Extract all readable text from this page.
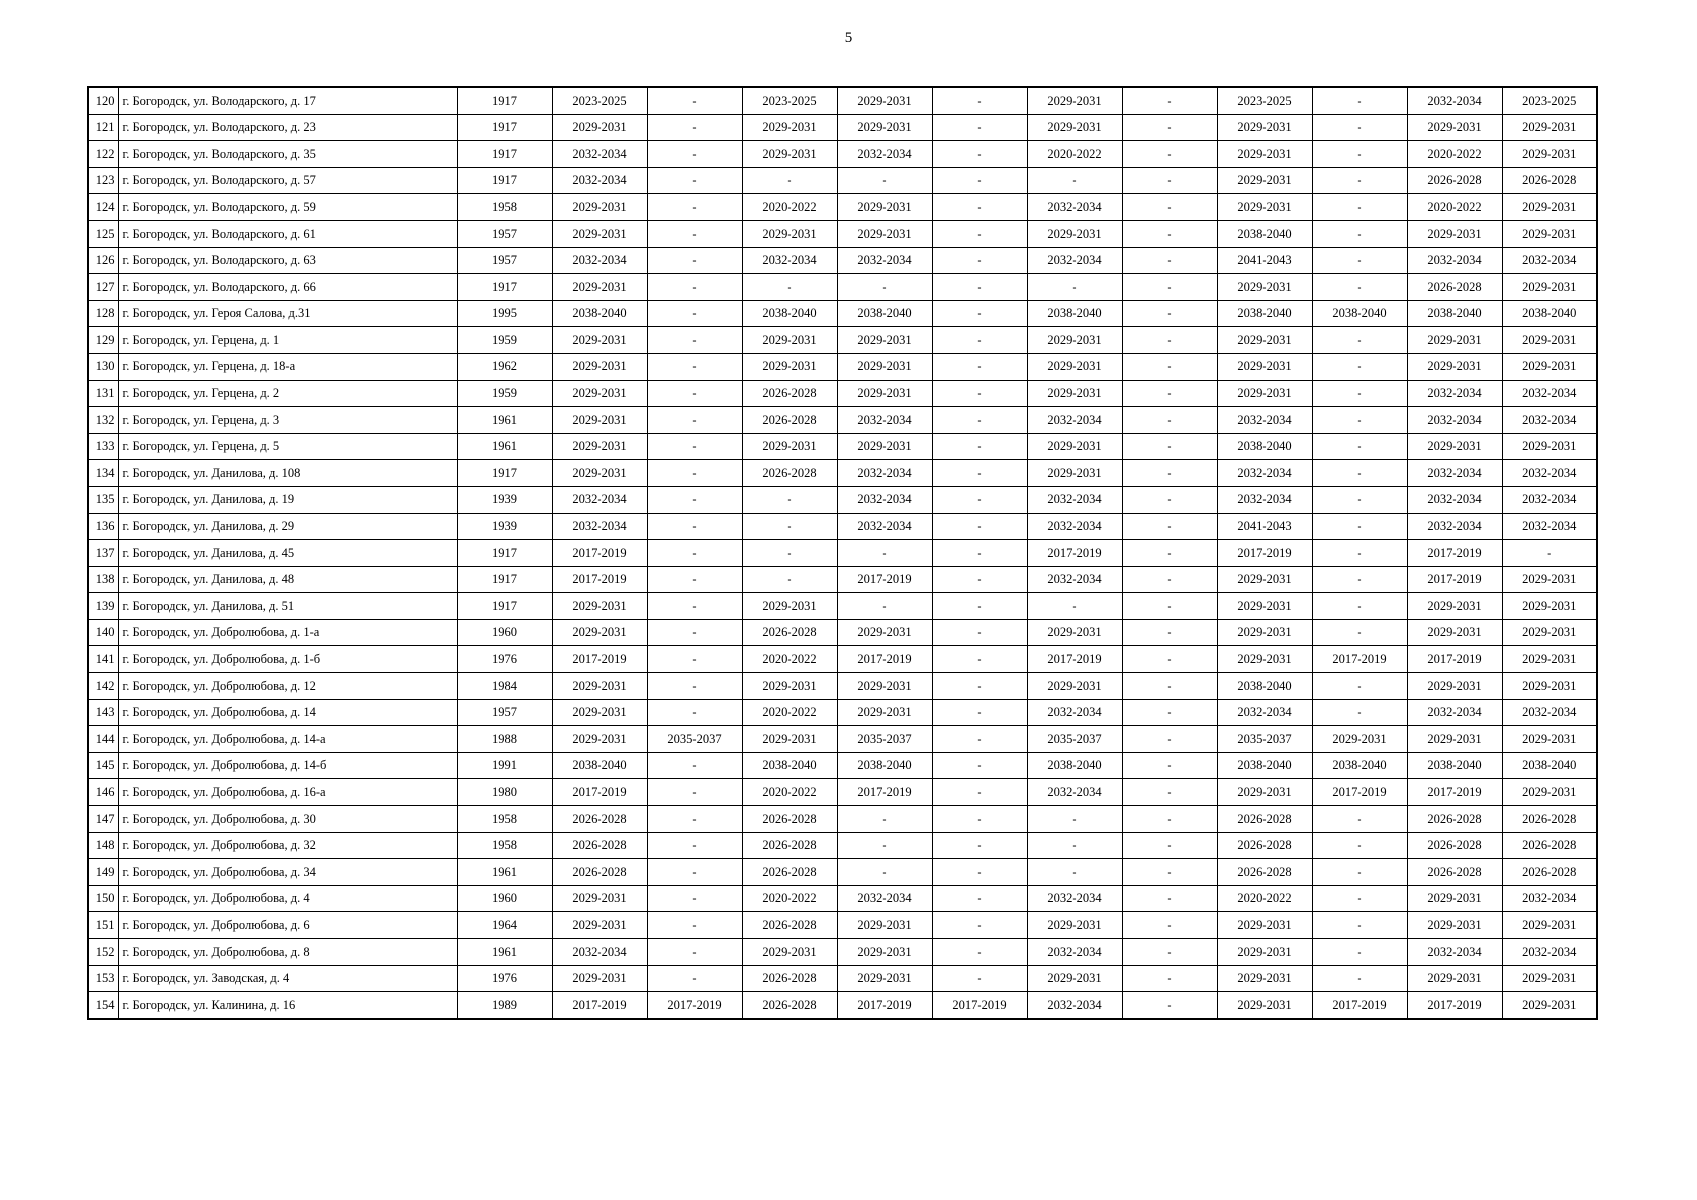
5
120	г. Богородск, ул. Володарского, д. 17	1917	2023-2025	-	2023-2025	2029-2031	-	2029-2031	-	2023-2025	-	2032-2034	2023-2025
121	г. Богородск, ул. Володарского, д. 23	1917	2029-2031	-	2029-2031	2029-2031	-	2029-2031	-	2029-2031	-	2029-2031	2029-2031
122	г. Богородск, ул. Володарского, д. 35	1917	2032-2034	-	2029-2031	2032-2034	-	2020-2022	-	2029-2031	-	2020-2022	2029-2031
123	г. Богородск, ул. Володарского, д. 57	1917	2032-2034	-	-	-	-	-	-	2029-2031	-	2026-2028	2026-2028
124	г. Богородск, ул. Володарского, д. 59	1958	2029-2031	-	2020-2022	2029-2031	-	2032-2034	-	2029-2031	-	2020-2022	2029-2031
125	г. Богородск, ул. Володарского, д. 61	1957	2029-2031	-	2029-2031	2029-2031	-	2029-2031	-	2038-2040	-	2029-2031	2029-2031
126	г. Богородск, ул. Володарского, д. 63	1957	2032-2034	-	2032-2034	2032-2034	-	2032-2034	-	2041-2043	-	2032-2034	2032-2034
127	г. Богородск, ул. Володарского, д. 66	1917	2029-2031	-	-	-	-	-	-	2029-2031	-	2026-2028	2029-2031
128	г. Богородск, ул. Героя Салова, д.31	1995	2038-2040	-	2038-2040	2038-2040	-	2038-2040	-	2038-2040	2038-2040	2038-2040	2038-2040
129	г. Богородск, ул. Герцена, д. 1	1959	2029-2031	-	2029-2031	2029-2031	-	2029-2031	-	2029-2031	-	2029-2031	2029-2031
130	г. Богородск, ул. Герцена, д. 18-а	1962	2029-2031	-	2029-2031	2029-2031	-	2029-2031	-	2029-2031	-	2029-2031	2029-2031
131	г. Богородск, ул. Герцена, д. 2	1959	2029-2031	-	2026-2028	2029-2031	-	2029-2031	-	2029-2031	-	2032-2034	2032-2034
132	г. Богородск, ул. Герцена, д. 3	1961	2029-2031	-	2026-2028	2032-2034	-	2032-2034	-	2032-2034	-	2032-2034	2032-2034
133	г. Богородск, ул. Герцена, д. 5	1961	2029-2031	-	2029-2031	2029-2031	-	2029-2031	-	2038-2040	-	2029-2031	2029-2031
134	г. Богородск, ул. Данилова, д. 108	1917	2029-2031	-	2026-2028	2032-2034	-	2029-2031	-	2032-2034	-	2032-2034	2032-2034
135	г. Богородск, ул. Данилова, д. 19	1939	2032-2034	-	-	2032-2034	-	2032-2034	-	2032-2034	-	2032-2034	2032-2034
136	г. Богородск, ул. Данилова, д. 29	1939	2032-2034	-	-	2032-2034	-	2032-2034	-	2041-2043	-	2032-2034	2032-2034
137	г. Богородск, ул. Данилова, д. 45	1917	2017-2019	-	-	-	-	2017-2019	-	2017-2019	-	2017-2019	-
138	г. Богородск, ул. Данилова, д. 48	1917	2017-2019	-	-	2017-2019	-	2032-2034	-	2029-2031	-	2017-2019	2029-2031
139	г. Богородск, ул. Данилова, д. 51	1917	2029-2031	-	2029-2031	-	-	-	-	2029-2031	-	2029-2031	2029-2031
140	г. Богородск, ул. Добролюбова, д. 1-а	1960	2029-2031	-	2026-2028	2029-2031	-	2029-2031	-	2029-2031	-	2029-2031	2029-2031
141	г. Богородск, ул. Добролюбова, д. 1-б	1976	2017-2019	-	2020-2022	2017-2019	-	2017-2019	-	2029-2031	2017-2019	2017-2019	2029-2031
142	г. Богородск, ул. Добролюбова, д. 12	1984	2029-2031	-	2029-2031	2029-2031	-	2029-2031	-	2038-2040	-	2029-2031	2029-2031
143	г. Богородск, ул. Добролюбова, д. 14	1957	2029-2031	-	2020-2022	2029-2031	-	2032-2034	-	2032-2034	-	2032-2034	2032-2034
144	г. Богородск, ул. Добролюбова, д. 14-а	1988	2029-2031	2035-2037	2029-2031	2035-2037	-	2035-2037	-	2035-2037	2029-2031	2029-2031	2029-2031
145	г. Богородск, ул. Добролюбова, д. 14-б	1991	2038-2040	-	2038-2040	2038-2040	-	2038-2040	-	2038-2040	2038-2040	2038-2040	2038-2040
146	г. Богородск, ул. Добролюбова, д. 16-а	1980	2017-2019	-	2020-2022	2017-2019	-	2032-2034	-	2029-2031	2017-2019	2017-2019	2029-2031
147	г. Богородск, ул. Добролюбова, д. 30	1958	2026-2028	-	2026-2028	-	-	-	-	2026-2028	-	2026-2028	2026-2028
148	г. Богородск, ул. Добролюбова, д. 32	1958	2026-2028	-	2026-2028	-	-	-	-	2026-2028	-	2026-2028	2026-2028
149	г. Богородск, ул. Добролюбова, д. 34	1961	2026-2028	-	2026-2028	-	-	-	-	2026-2028	-	2026-2028	2026-2028
150	г. Богородск, ул. Добролюбова, д. 4	1960	2029-2031	-	2020-2022	2032-2034	-	2032-2034	-	2020-2022	-	2029-2031	2032-2034
151	г. Богородск, ул. Добролюбова, д. 6	1964	2029-2031	-	2026-2028	2029-2031	-	2029-2031	-	2029-2031	-	2029-2031	2029-2031
152	г. Богородск, ул. Добролюбова, д. 8	1961	2032-2034	-	2029-2031	2029-2031	-	2032-2034	-	2029-2031	-	2032-2034	2032-2034
153	г. Богородск, ул. Заводская, д. 4	1976	2029-2031	-	2026-2028	2029-2031	-	2029-2031	-	2029-2031	-	2029-2031	2029-2031
154	г. Богородск, ул. Калинина, д. 16	1989	2017-2019	2017-2019	2026-2028	2017-2019	2017-2019	2032-2034	-	2029-2031	2017-2019	2017-2019	2029-2031
